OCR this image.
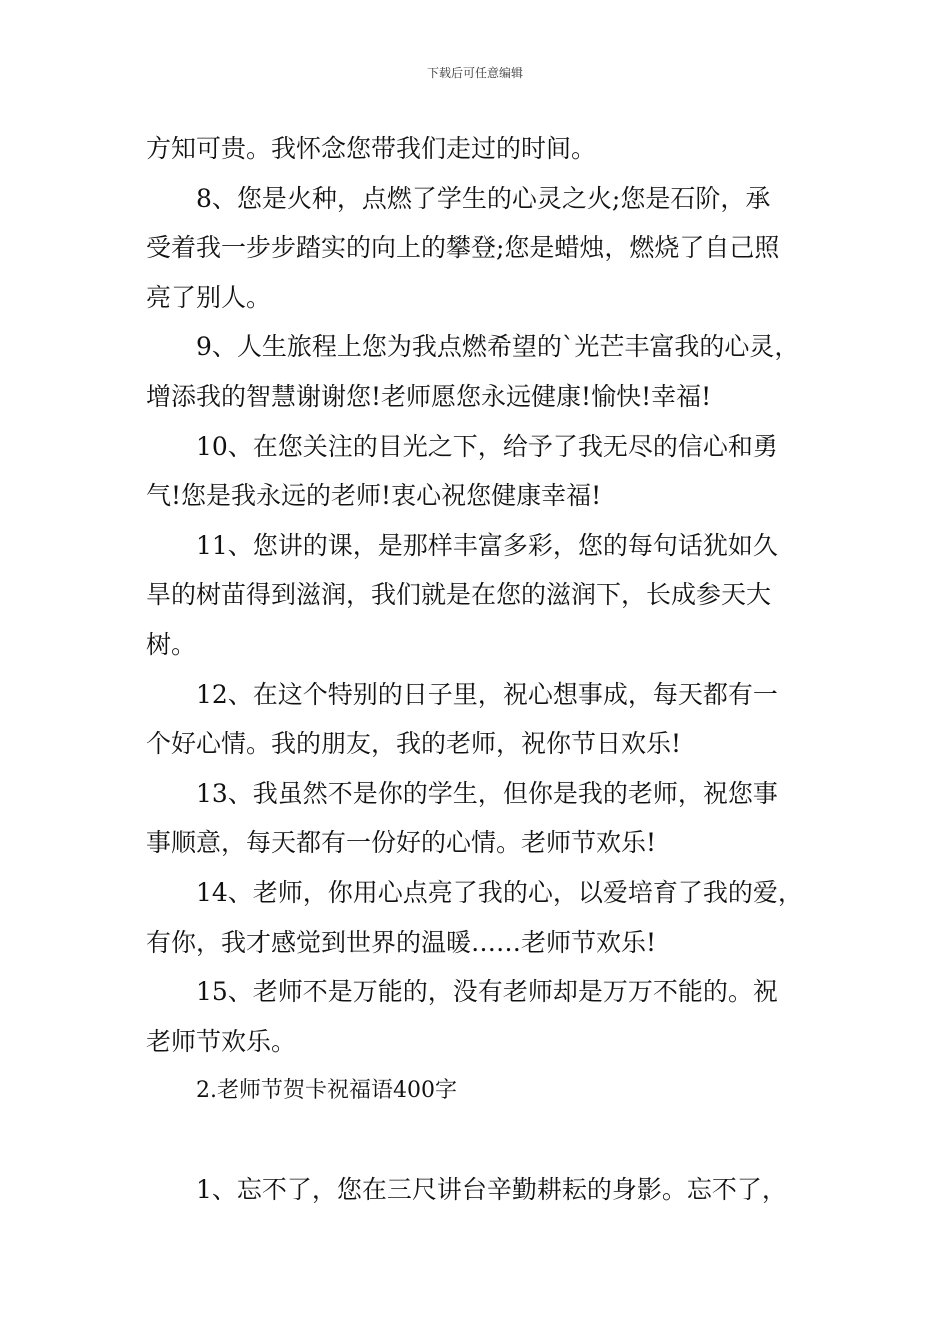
下载后可任意编辑
方知可贵。我怀念您带我们走过的时间。
8、您是火种，点燃了学生的心灵之火;您是石阶，承
受着我一步步踏实的向上的攀登;您是蜡烛，燃烧了自己照
亮了别人。
9、人生旅程上您为我点燃希望的`光芒丰富我的心灵，
增添我的智慧谢谢您!老师愿您永远健康!愉快!幸福!
10、在您关注的目光之下，给予了我无尽的信心和勇
气!您是我永远的老师!衷心祝您健康幸福!
11、您讲的课，是那样丰富多彩，您的每句话犹如久
旱的树苗得到滋润，我们就是在您的滋润下，长成参天大
树。
12、在这个特别的日子里，祝心想事成，每天都有一
个好心情。我的朋友，我的老师，祝你节日欢乐!
13、我虽然不是你的学生，但你是我的老师，祝您事
事顺意，每天都有一份好的心情。老师节欢乐!
14、老师，你用心点亮了我的心，以爱培育了我的爱，
有你，我才感觉到世界的温暖……老师节欢乐!
15、老师不是万能的，没有老师却是万万不能的。祝
老师节欢乐。
2.老师节贺卡祝福语400字
1、忘不了，您在三尺讲台辛勤耕耘的身影。忘不了，
